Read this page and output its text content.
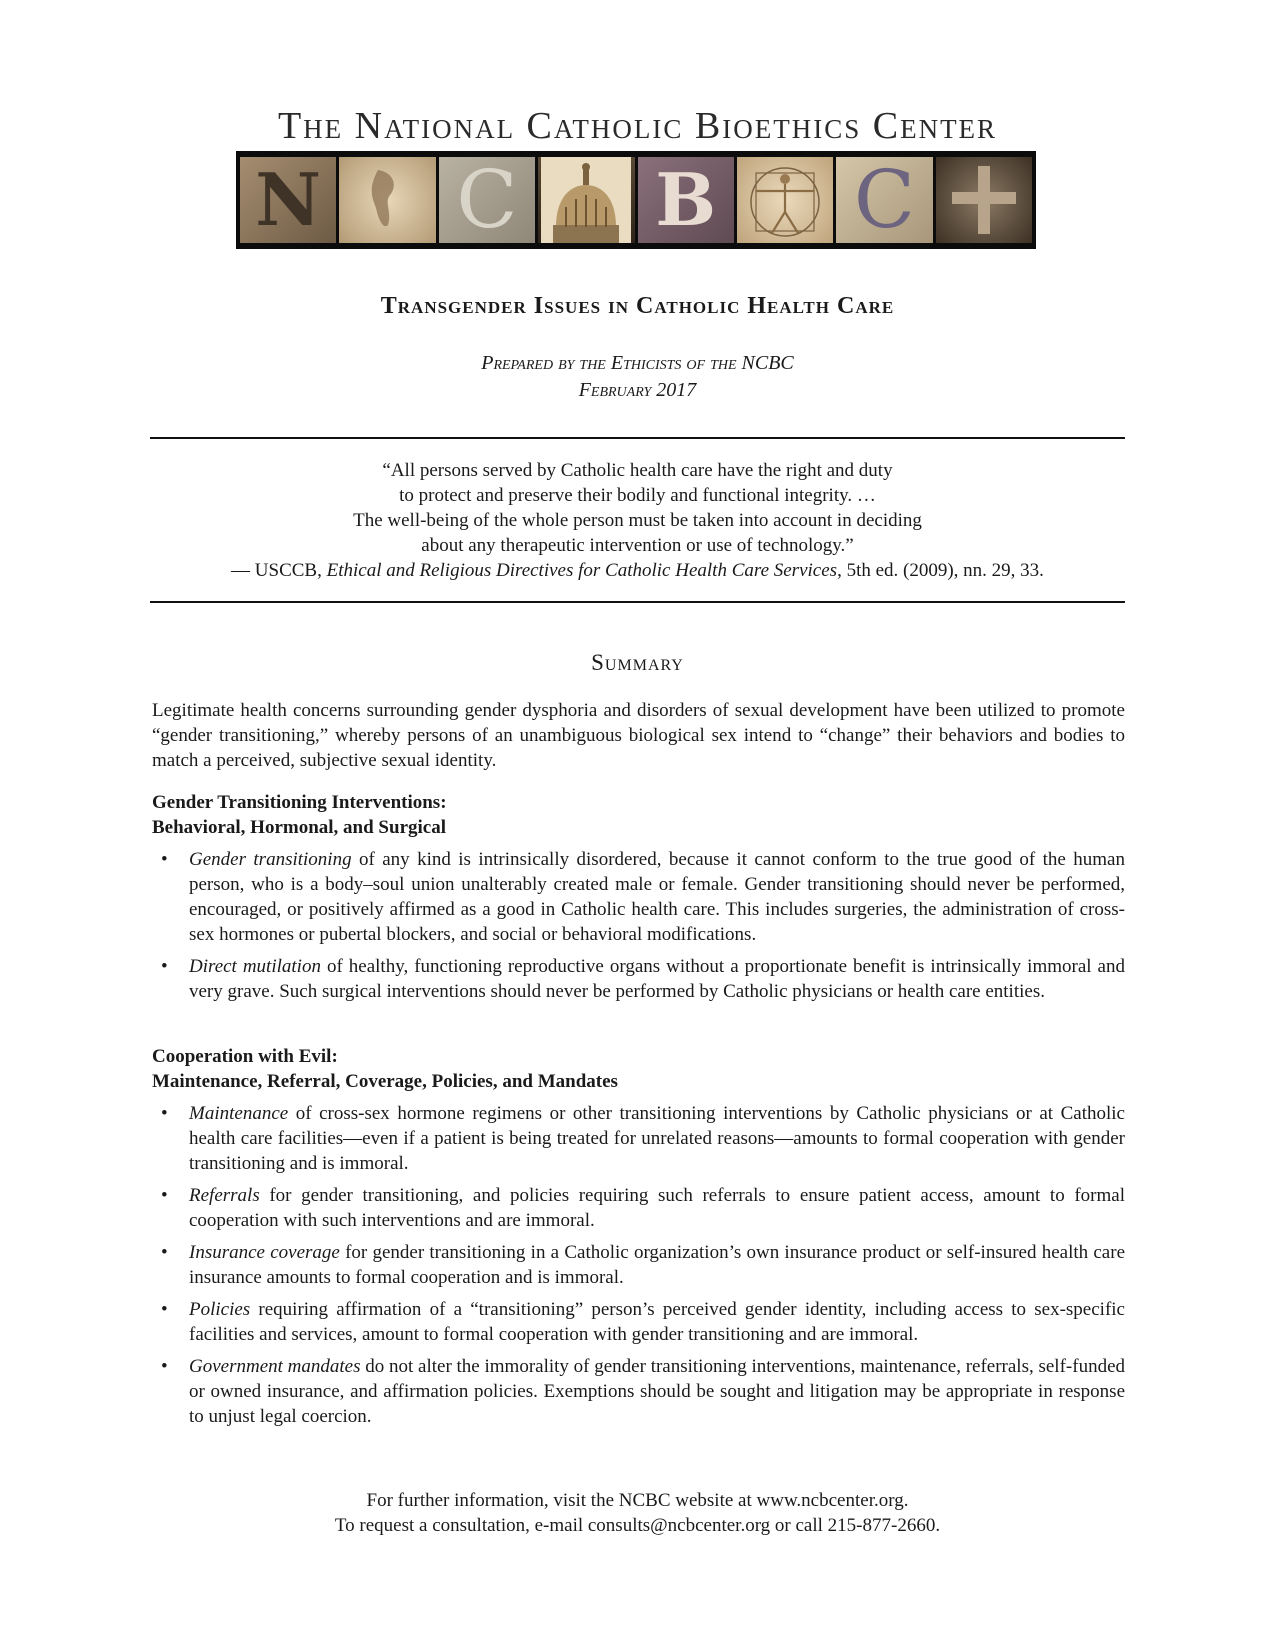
The National Catholic Bioethics Center
N C B C
Transgender Issues in Catholic Health Care
Prepared by the Ethicists of the NCBC
February 2017
“All persons served by Catholic health care have the right and duty
to protect and preserve their bodily and functional integrity. …
The well-being of the whole person must be taken into account in deciding
about any therapeutic intervention or use of technology.”
— USCCB, Ethical and Religious Directives for Catholic Health Care Services, 5th ed. (2009), nn. 29, 33.
Summary
Legitimate health concerns surrounding gender dysphoria and disorders of sexual development have been utilized to promote “gender transitioning,” whereby persons of an unambiguous biological sex intend to “change” their behaviors and bodies to match a perceived, subjective sexual identity.
Gender Transitioning Interventions:
Behavioral, Hormonal, and Surgical
• Gender transitioning of any kind is intrinsically disordered, because it cannot conform to the true good of the human person, who is a body–soul union unalterably created male or female. Gender transitioning should never be performed, encouraged, or positively affirmed as a good in Catholic health care. This includes surgeries, the administration of cross-sex hormones or pubertal blockers, and social or behavioral modifications.
• Direct mutilation of healthy, functioning reproductive organs without a proportionate benefit is intrinsically immoral and very grave. Such surgical interventions should never be performed by Catholic physicians or health care entities.
Cooperation with Evil:
Maintenance, Referral, Coverage, Policies, and Mandates
• Maintenance of cross-sex hormone regimens or other transitioning interventions by Catholic physicians or at Catholic health care facilities—even if a patient is being treated for unrelated reasons—amounts to formal cooperation with gender transitioning and is immoral.
• Referrals for gender transitioning, and policies requiring such referrals to ensure patient access, amount to formal cooperation with such interventions and are immoral.
• Insurance coverage for gender transitioning in a Catholic organization’s own insurance product or self-insured health care insurance amounts to formal cooperation and is immoral.
• Policies requiring affirmation of a “transitioning” person’s perceived gender identity, including access to sex-specific facilities and services, amount to formal cooperation with gender transitioning and are immoral.
• Government mandates do not alter the immorality of gender transitioning interventions, maintenance, referrals, self-funded or owned insurance, and affirmation policies. Exemptions should be sought and litigation may be appropriate in response to unjust legal coercion.
For further information, visit the NCBC website at www.ncbcenter.org.
To request a consultation, e-mail consults@ncbcenter.org or call 215-877-2660.
